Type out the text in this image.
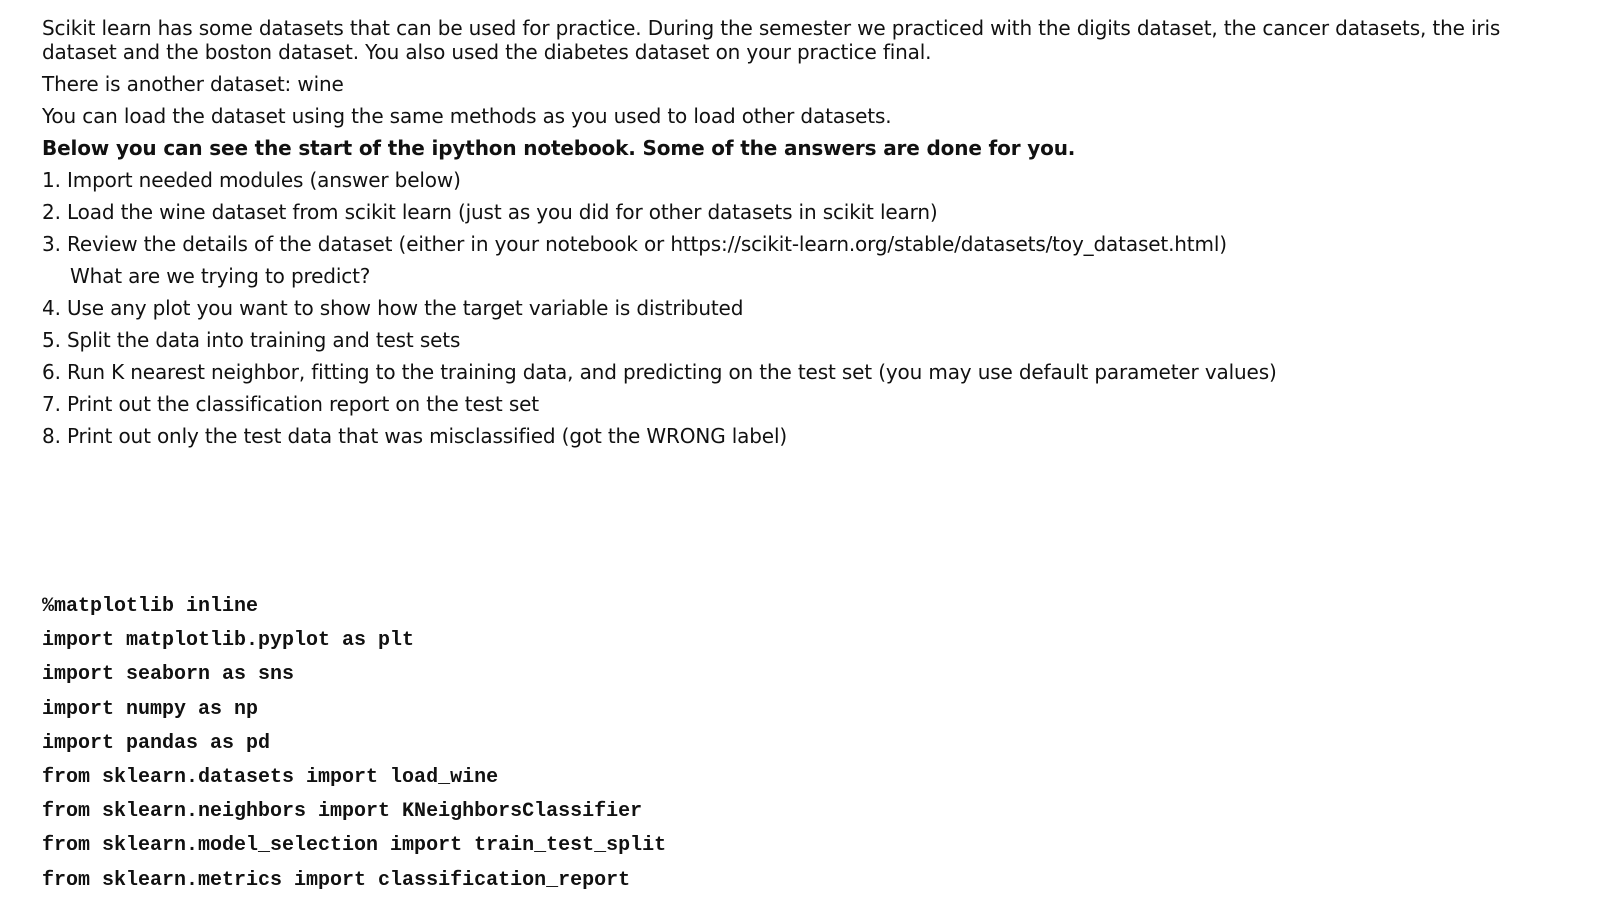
Scikit learn has some datasets that can be used for practice. During the semester we practiced with the digits dataset, the cancer datasets, the iris dataset and the boston dataset. You also used the diabetes dataset on your practice final.

There is another dataset: wine

You can load the dataset using the same methods as you used to load other datasets.

Below you can see the start of the ipython notebook. Some of the answers are done for you.

1. Import needed modules (answer below)
2. Load the wine dataset from scikit learn (just as you did for other datasets in scikit learn)
3. Review the details of the dataset (either in your notebook or https://scikit-learn.org/stable/datasets/toy_dataset.html)
What are we trying to predict?
4. Use any plot you want to show how the target variable is distributed
5. Split the data into training and test sets
6. Run K nearest neighbor, fitting to the training data, and predicting on the test set (you may use default parameter values)
7. Print out the classification report on the test set
8. Print out only the test data that was misclassified (got the WRONG label)
%matplotlib inline
import matplotlib.pyplot as plt
import seaborn as sns
import numpy as np
import pandas as pd
from sklearn.datasets import load_wine
from sklearn.neighbors import KNeighborsClassifier
from sklearn.model_selection import train_test_split
from sklearn.metrics import classification_report
